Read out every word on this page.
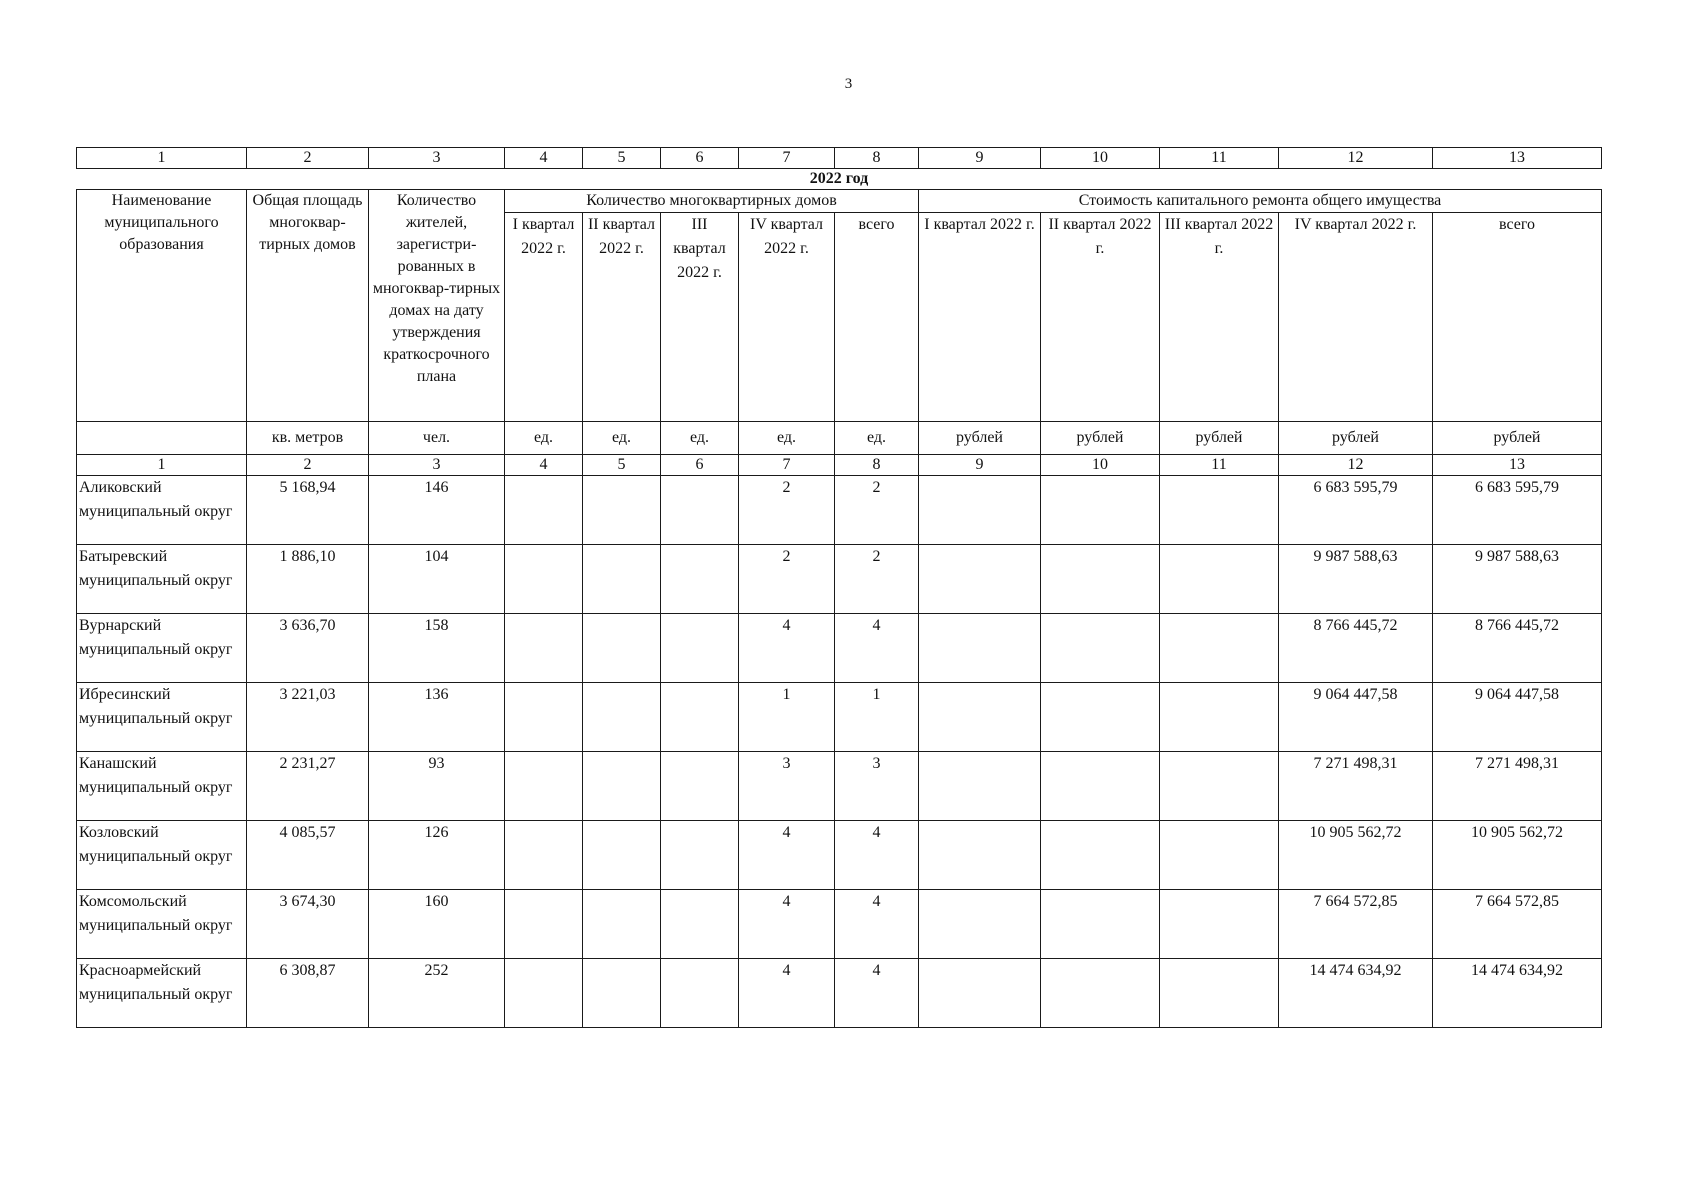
3
1	2	3	4	5	6	7	8	9	10	11	12	13
2022 год												
Наименование муниципального образования	Общая площадь многоквар-тирных домов	Количество жителей, зарегистри-рованных в многоквар-тирных домах на дату утверждения краткосрочного плана	Количество многоквартирных домов					Стоимость капитального ремонта общего имущества				
			I квартал 2022 г.	II квартал 2022 г.	III квартал 2022 г.	IV квартал 2022 г.	всего	I квартал 2022 г.	II квартал 2022 г.	III квартал 2022 г.	IV квартал 2022 г.	всего
	кв. метров	чел.	ед.	ед.	ед.	ед.	ед.	рублей	рублей	рублей	рублей	рублей
1	2	3	4	5	6	7	8	9	10	11	12	13
Аликовский муниципальный округ	5 168,94	146				2	2				6 683 595,79	6 683 595,79
Батыревский муниципальный округ	1 886,10	104				2	2				9 987 588,63	9 987 588,63
Вурнарский муниципальный округ	3 636,70	158				4	4				8 766 445,72	8 766 445,72
Ибресинский муниципальный округ	3 221,03	136				1	1				9 064 447,58	9 064 447,58
Канашский муниципальный округ	2 231,27	93				3	3				7 271 498,31	7 271 498,31
Козловский муниципальный округ	4 085,57	126				4	4				10 905 562,72	10 905 562,72
Комсомольский муниципальный округ	3 674,30	160				4	4				7 664 572,85	7 664 572,85
Красноармейский муниципальный округ	6 308,87	252				4	4				14 474 634,92	14 474 634,92
